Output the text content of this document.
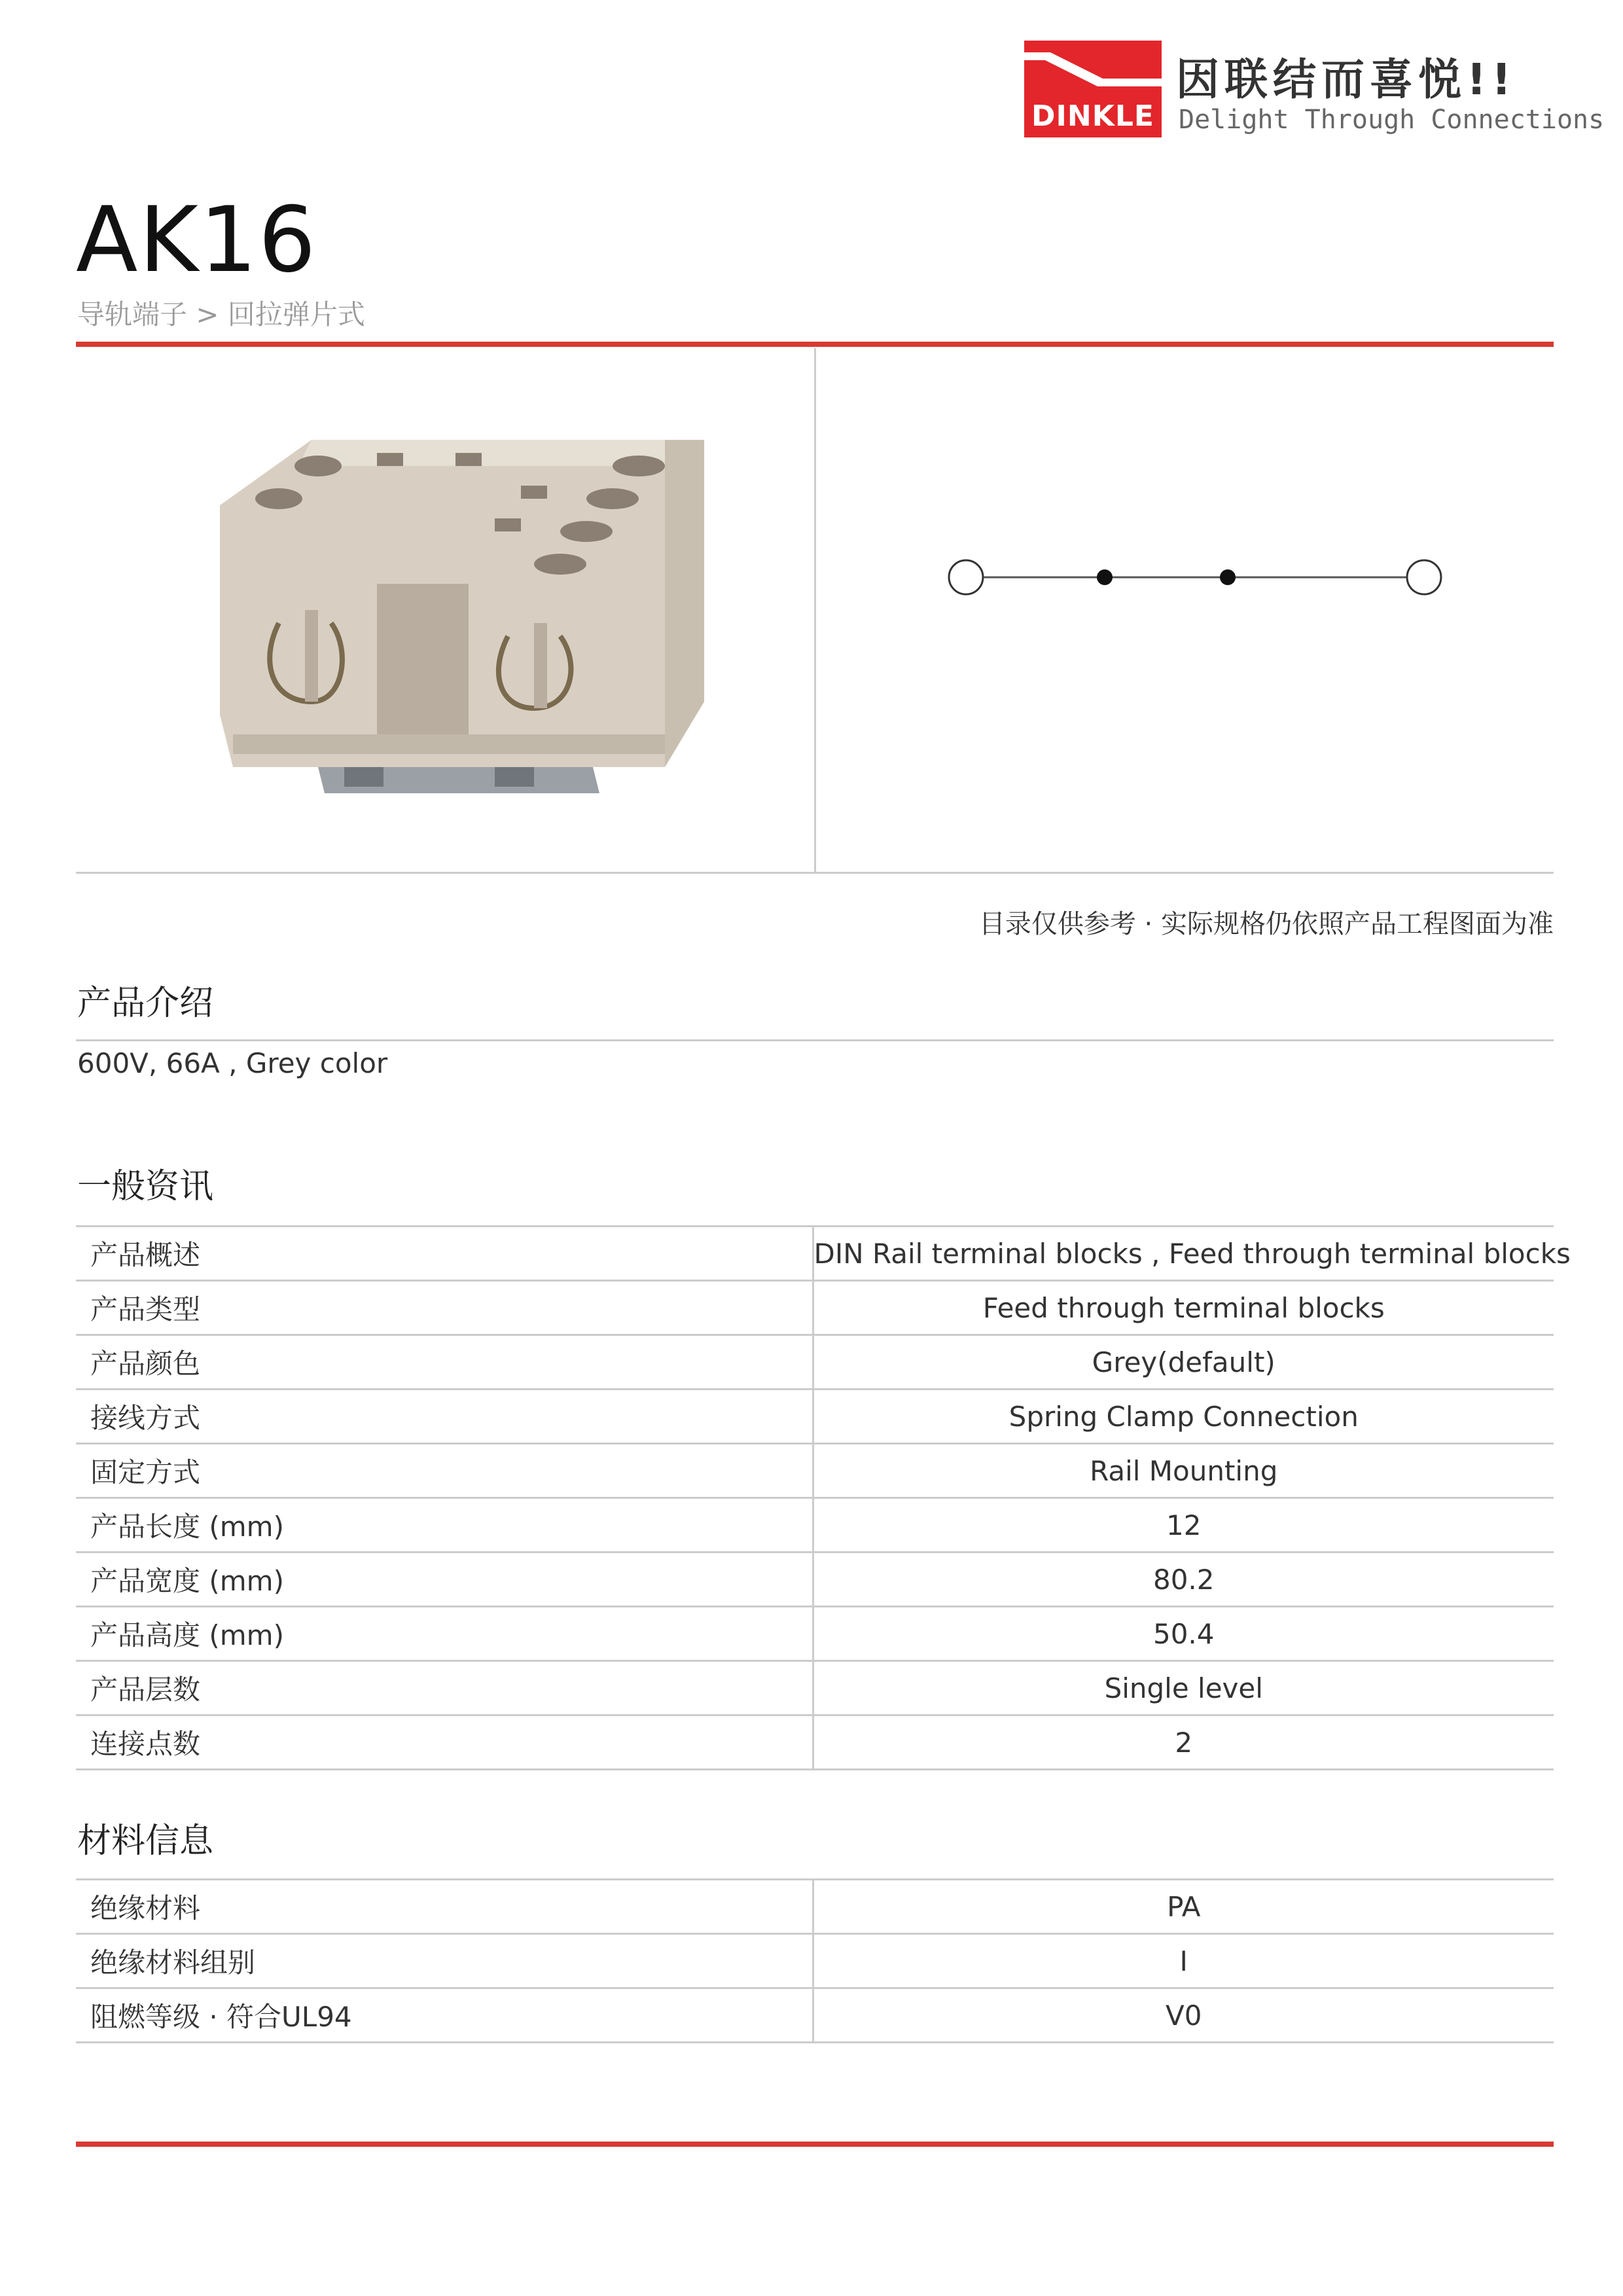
DINKLE
因联结而喜悦!!
Delight Through Connections
AK16
导轨端子 > 回拉弹片式
目录仅供参考 · 实际规格仍依照产品工程图面为准
产品介绍
600V, 66A , Grey color
一般资讯
产品概述	DIN Rail terminal blocks , Feed through terminal blocks
产品类型	Feed through terminal blocks
产品颜色	Grey(default)
接线方式	Spring Clamp Connection
固定方式	Rail Mounting
产品长度 (mm)	12
产品宽度 (mm)	80.2
产品高度 (mm)	50.4
产品层数	Single level
连接点数	2
材料信息
绝缘材料	PA
绝缘材料组别	I
阻燃等级 · 符合UL94	V0
